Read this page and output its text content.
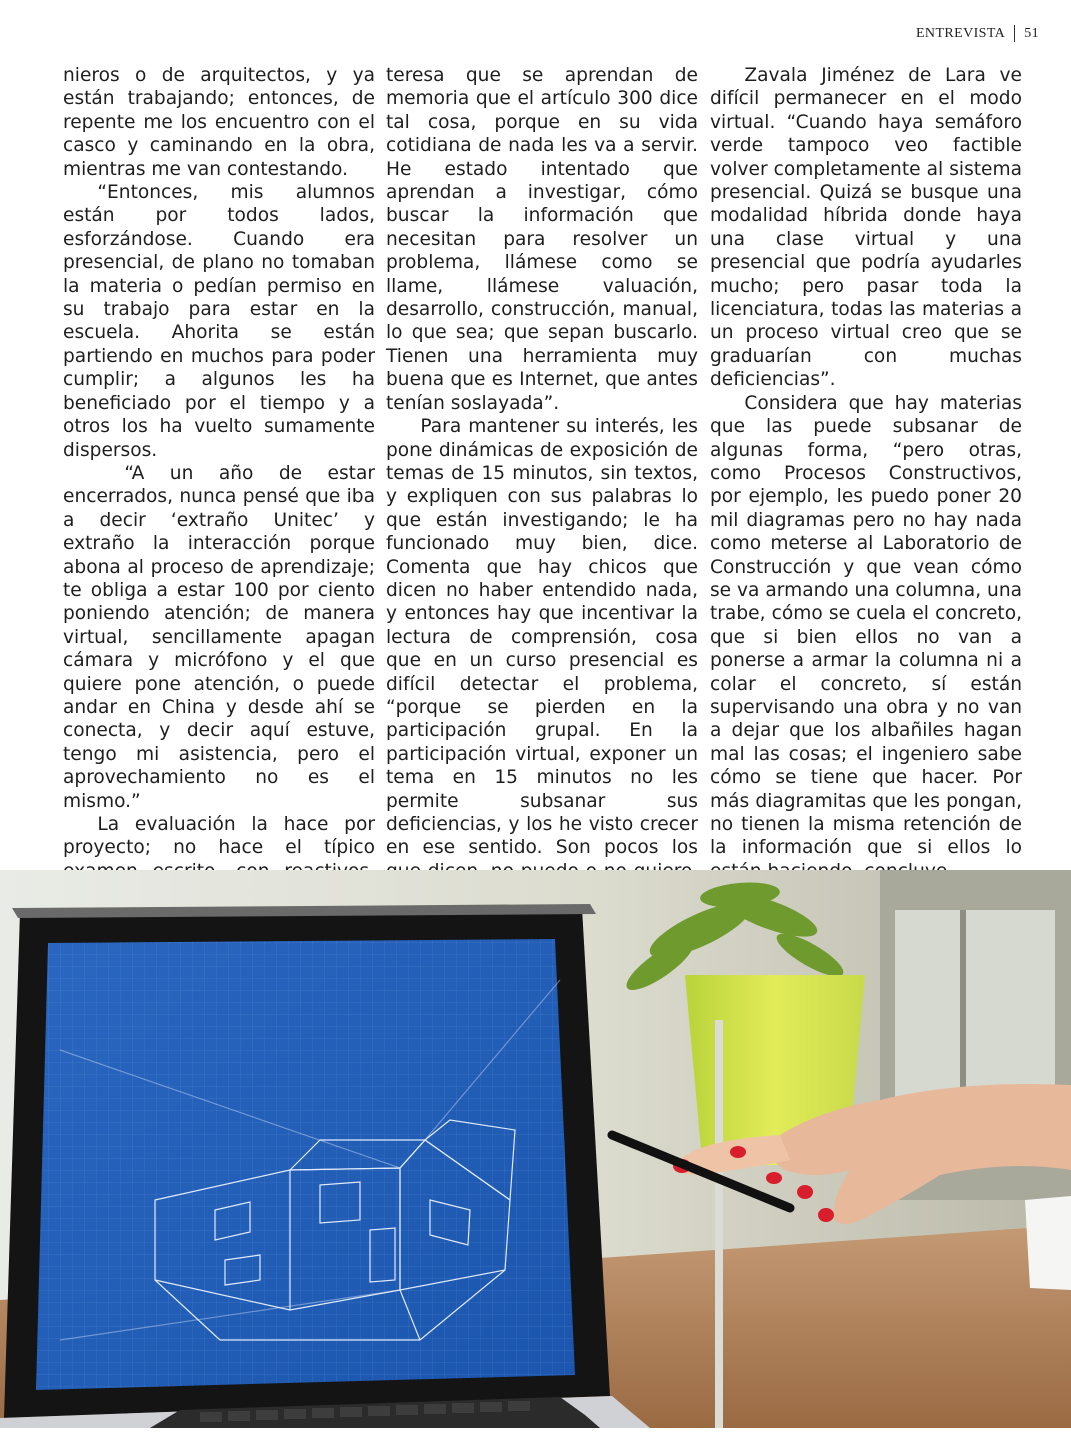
ENTREVISTA 51

nieros o de arquitectos, y ya están trabajando; entonces, de repente me los encuentro con el casco y caminando en la obra, mientras me van contestando.

“Entonces, mis alumnos están por todos lados, esforzándose. Cuando era presencial, de plano no tomaban la materia o pedían permiso en su trabajo para estar en la escuela. Ahorita se están partiendo en muchos para poder cumplir; a algunos les ha beneficiado por el tiempo y a otros los ha vuelto sumamente dispersos.

“A un año de estar encerrados, nunca pensé que iba a decir ‘extraño Unitec’ y extraño la interacción porque abona al proceso de aprendizaje; te obliga a estar 100 por ciento poniendo atención; de manera virtual, sencillamente apagan cámara y micrófono y el que quiere pone atención, o puede andar en China y desde ahí se conecta, y decir aquí estuve, tengo mi asistencia, pero el aprovechamiento no es el mismo.”

La evaluación la hace por proyecto; no hace el típico

teresa que se aprendan de memoria que el artículo 300 dice tal cosa, porque en su vida cotidiana de nada les va a servir. He estado intentado que aprendan a investigar, cómo buscar la información que necesitan para resolver un problema, llámese como se llame, llámese valuación, desarrollo, construcción, manual, lo que sea; que sepan buscarlo. Tienen una herramienta muy buena que es Internet, que antes tenían soslayada”.

Para mantener su interés, les pone dinámicas de exposición de temas de 15 minutos, sin textos, y expliquen con sus palabras lo que están investigando; le ha funcionado muy bien, dice. Comenta que hay chicos que dicen no haber entendido nada, y entonces hay que incentivar la lectura de comprensión, cosa que en un curso presencial es difícil detectar el problema, “porque se pierden en la participación grupal. En la participación virtual, exponer un tema en 15 minutos no les permite subsanar sus deficiencias, y los he visto crecer en ese sentido. Son pocos los

Zavala Jiménez de Lara ve difícil permanecer en el modo virtual. “Cuando haya semáforo verde tampoco veo factible volver completamente al sistema presencial. Quizá se busque una modalidad híbrida donde haya una clase virtual y una presencial que podría ayudarles mucho; pero pasar toda la licenciatura, todas las materias a un proceso virtual creo que se graduarían con muchas deficiencias”.

Considera que hay materias que las puede subsanar de algunas forma, “pero otras, como Procesos Constructivos, por ejemplo, les puedo poner 20 mil diagramas pero no hay nada como meterse al Laboratorio de Construcción y que vean cómo se va armando una columna, una trabe, cómo se cuela el concreto, que si bien ellos no van a ponerse a armar la columna ni a colar el concreto, sí están supervisando una obra y no van a dejar que los albañiles hagan mal las cosas; el ingeniero sabe cómo se tiene que hacer. Por más diagramitas que les pongan, no tienen la misma retención de la información que si ellos lo
